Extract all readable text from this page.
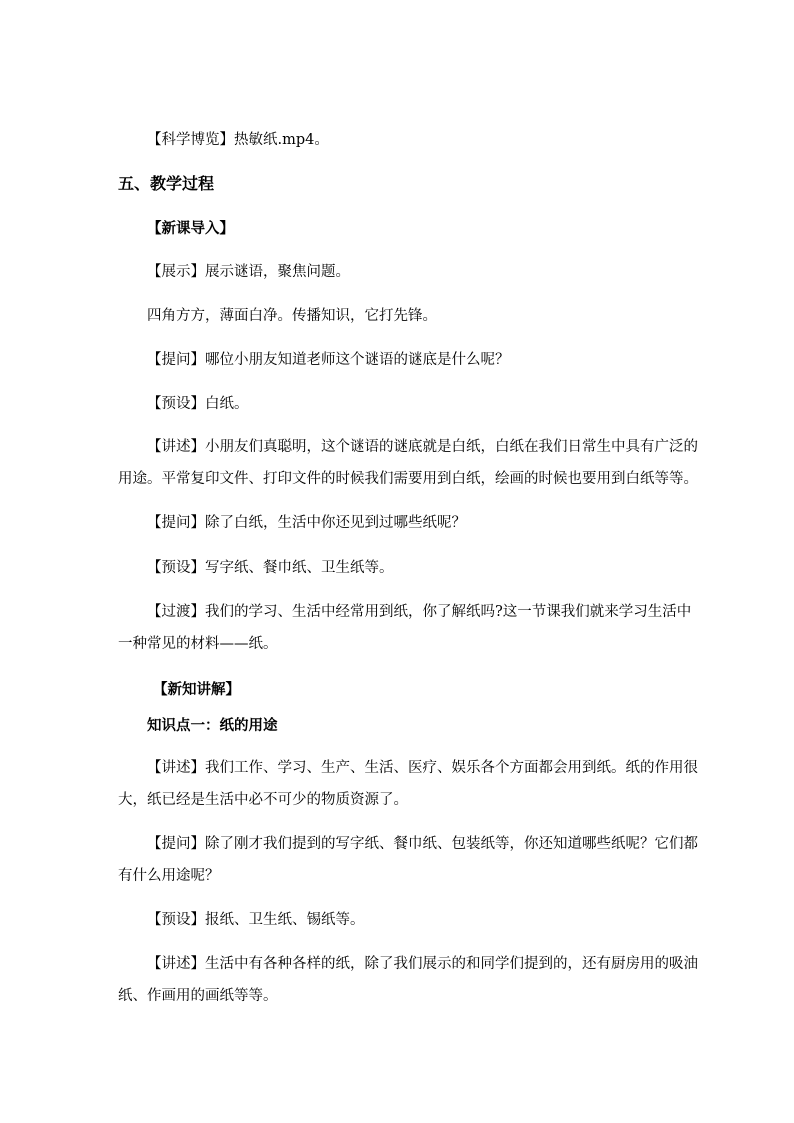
【科学博览】热敏纸.mp4。
五、教学过程
【新课导入】
【展示】展示谜语，聚焦问题。
四角方方，薄面白净。传播知识，它打先锋。
【提问】哪位小朋友知道老师这个谜语的谜底是什么呢？
【预设】白纸。
【讲述】小朋友们真聪明，这个谜语的谜底就是白纸，白纸在我们日常生中具有广泛的
用途。平常复印文件、打印文件的时候我们需要用到白纸，绘画的时候也要用到白纸等等。
【提问】除了白纸，生活中你还见到过哪些纸呢？
【预设】写字纸、餐巾纸、卫生纸等。
【过渡】我们的学习、生活中经常用到纸，你了解纸吗?这一节课我们就来学习生活中
一种常见的材料——纸。
【新知讲解】
知识点一：纸的用途
【讲述】我们工作、学习、生产、生活、医疗、娱乐各个方面都会用到纸。纸的作用很
大，纸已经是生活中必不可少的物质资源了。
【提问】除了刚才我们提到的写字纸、餐巾纸、包装纸等，你还知道哪些纸呢？它们都
有什么用途呢？
【预设】报纸、卫生纸、锡纸等。
【讲述】生活中有各种各样的纸，除了我们展示的和同学们提到的，还有厨房用的吸油
纸、作画用的画纸等等。
